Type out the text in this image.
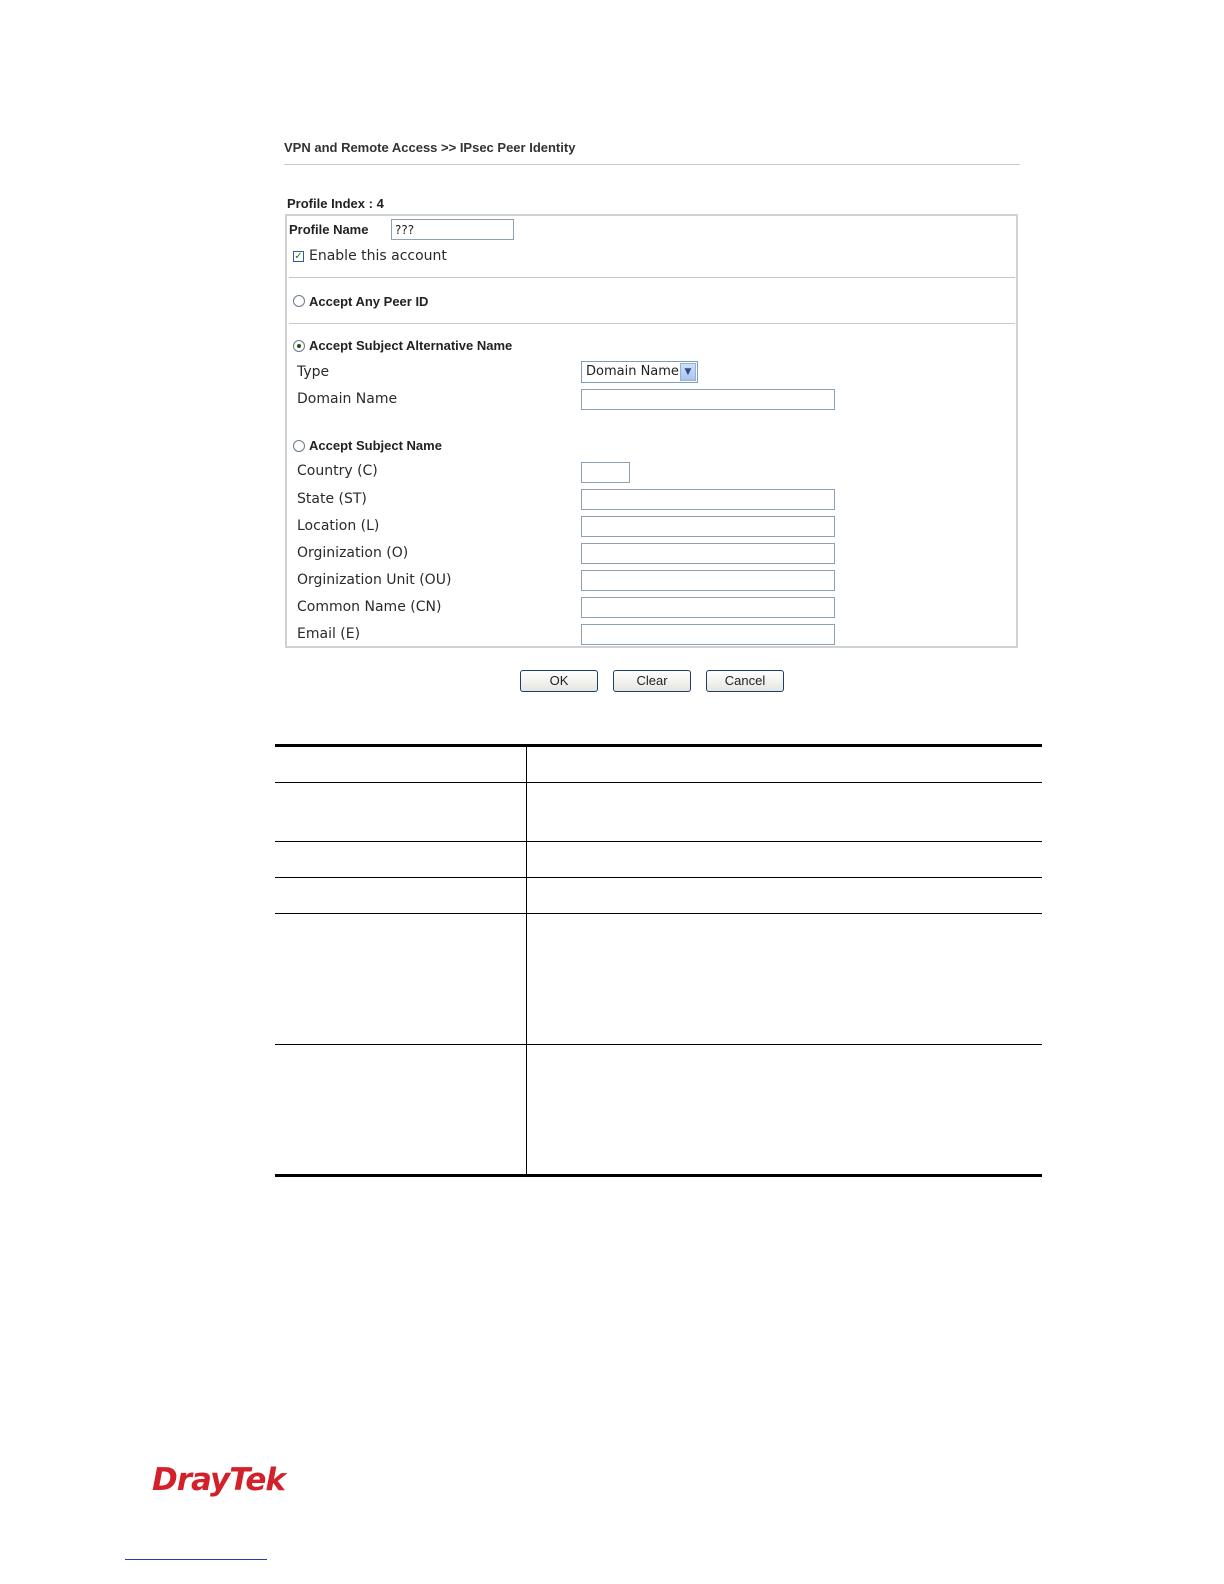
VPN and Remote Access >> IPsec Peer Identity
Profile Index : 4
Profile Name
???
✓ Enable this account
Accept Any Peer ID
Accept Subject Alternative Name
Type	Domain Name ▼
Domain Name
Accept Subject Name
Country (C)
State (ST)
Location (L)
Orginization (O)
Orginization Unit (OU)
Common Name (CN)
Email (E)
OK	Clear	Cancel
DrayTek
